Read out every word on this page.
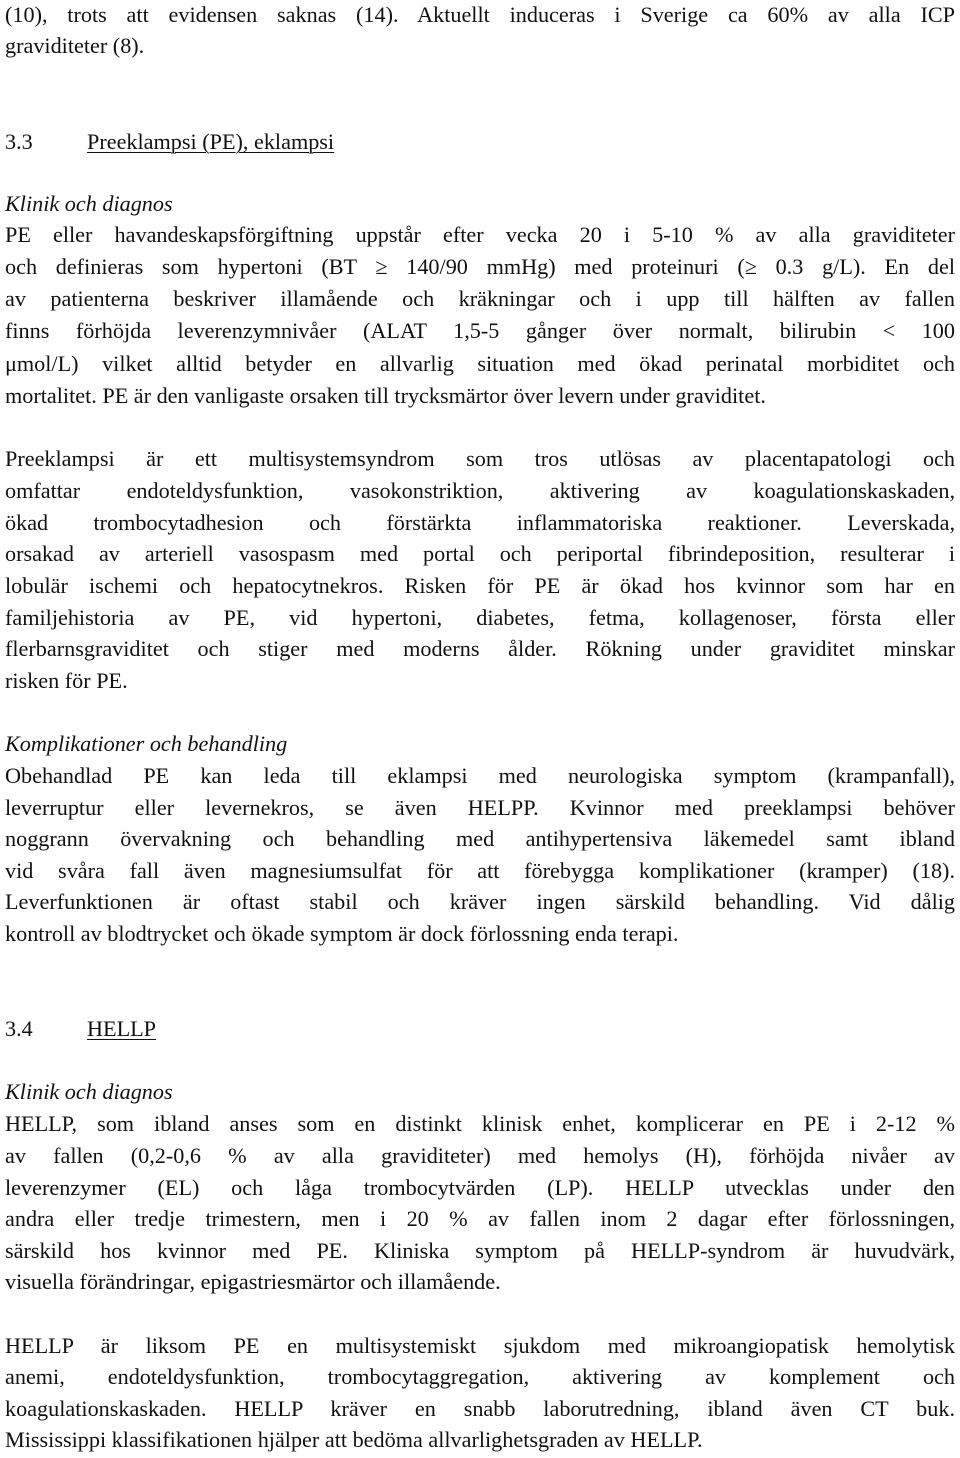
(10), trots att evidensen saknas (14). Aktuellt induceras i Sverige ca 60% av alla ICP
graviditeter (8).
3.3 Preeklampsi (PE), eklampsi
Klinik och diagnos
PE eller havandeskapsförgiftning uppstår efter vecka 20 i 5-10 % av alla graviditeter
och definieras som hypertoni (BT ≥ 140/90 mmHg) med proteinuri (≥ 0.3 g/L). En del
av patienterna beskriver illamående och kräkningar och i upp till hälften av fallen
finns förhöjda leverenzymnivåer (ALAT 1,5-5 gånger över normalt, bilirubin < 100
μmol/L) vilket alltid betyder en allvarlig situation med ökad perinatal morbiditet och
mortalitet. PE är den vanligaste orsaken till trycksmärtor över levern under graviditet.
Preeklampsi är ett multisystemsyndrom som tros utlösas av placentapatologi och
omfattar endoteldysfunktion, vasokonstriktion, aktivering av koagulationskaskaden,
ökad trombocytadhesion och förstärkta inflammatoriska reaktioner. Leverskada,
orsakad av arteriell vasospasm med portal och periportal fibrindeposition, resulterar i
lobulär ischemi och hepatocytnekros. Risken för PE är ökad hos kvinnor som har en
familjehistoria av PE, vid hypertoni, diabetes, fetma, kollagenoser, första eller
flerbarnsgraviditet och stiger med moderns ålder. Rökning under graviditet minskar
risken för PE.
Komplikationer och behandling
Obehandlad PE kan leda till eklampsi med neurologiska symptom (krampanfall),
leverruptur eller levernekros, se även HELPP. Kvinnor med preeklampsi behöver
noggrann övervakning och behandling med antihypertensiva läkemedel samt ibland
vid svåra fall även magnesiumsulfat för att förebygga komplikationer (kramper) (18).
Leverfunktionen är oftast stabil och kräver ingen särskild behandling. Vid dålig
kontroll av blodtrycket och ökade symptom är dock förlossning enda terapi.
3.4 HELLP
Klinik och diagnos
HELLP, som ibland anses som en distinkt klinisk enhet, komplicerar en PE i 2-12 %
av fallen (0,2-0,6 % av alla graviditeter) med hemolys (H), förhöjda nivåer av
leverenzymer (EL) och låga trombocytvärden (LP). HELLP utvecklas under den
andra eller tredje trimestern, men i 20 % av fallen inom 2 dagar efter förlossningen,
särskild hos kvinnor med PE. Kliniska symptom på HELLP-syndrom är huvudvärk,
visuella förändringar, epigastriesmärtor och illamående.
HELLP är liksom PE en multisystemiskt sjukdom med mikroangiopatisk hemolytisk
anemi, endoteldysfunktion, trombocytaggregation, aktivering av komplement och
koagulationskaskaden. HELLP kräver en snabb laborutredning, ibland även CT buk.
Mississippi klassifikationen hjälper att bedöma allvarlighetsgraden av HELLP.
